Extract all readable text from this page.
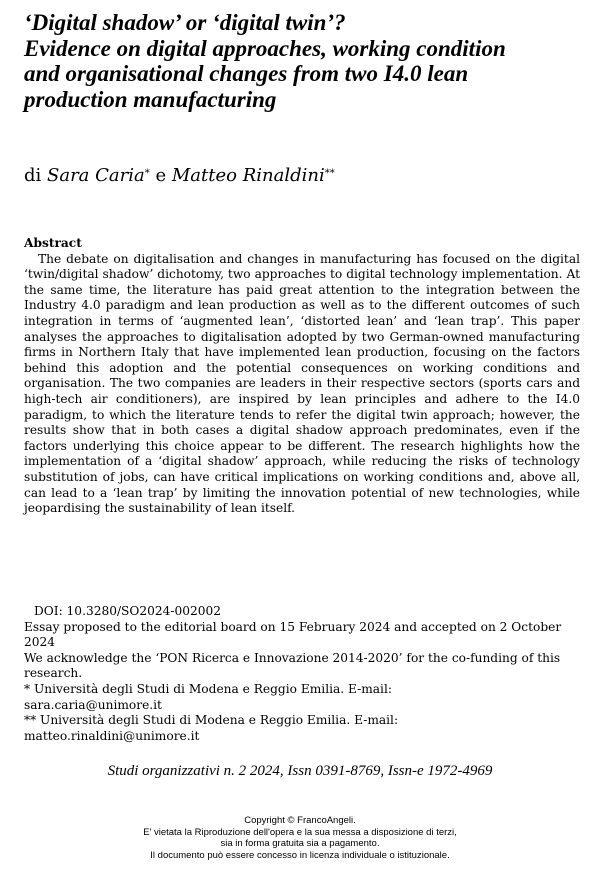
‘Digital shadow’ or ‘digital twin’?
Evidence on digital approaches, working condition
and organisational changes from two I4.0 lean
production manufacturing
di Sara Caria* e Matteo Rinaldini**
Abstract
The debate on digitalisation and changes in manufacturing has focused on the digital ‘twin/digital shadow’ dichotomy, two approaches to digital technology implementation. At the same time, the literature has paid great attention to the integration between the Industry 4.0 paradigm and lean production as well as to the different outcomes of such integration in terms of ‘augmented lean’, ‘distorted lean’ and ‘lean trap’. This paper analyses the approaches to digitalisation adopted by two German-owned manufacturing firms in Northern Italy that have implemented lean production, focusing on the factors behind this adoption and the potential consequences on working conditions and organisation. The two companies are leaders in their respective sectors (sports cars and high-tech air conditioners), are inspired by lean principles and adhere to the I4.0 paradigm, to which the literature tends to refer the digital twin approach; however, the results show that in both cases a digital shadow approach predominates, even if the factors underlying this choice appear to be different. The research highlights how the implementation of a ‘digital shadow’ approach, while reducing the risks of technology substitution of jobs, can have critical implications on working conditions and, above all, can lead to a ‘lean trap’ by limiting the innovation potential of new technologies, while jeopardising the sustainability of lean itself.
DOI: 10.3280/SO2024-002002
Essay proposed to the editorial board on 15 February 2024 and accepted on 2 October 2024
We acknowledge the ‘PON Ricerca e Innovazione 2014-2020’ for the co-funding of this research.
* Università degli Studi di Modena e Reggio Emilia. E-mail:
sara.caria@unimore.it
** Università degli Studi di Modena e Reggio Emilia. E-mail:
matteo.rinaldini@unimore.it
Studi organizzativi n. 2 2024, Issn 0391-8769, Issn-e 1972-4969
Copyright © FrancoAngeli.
E' vietata la Riproduzione dell'opera e la sua messa a disposizione di terzi,
sia in forma gratuita sia a pagamento.
Il documento può essere concesso in licenza individuale o istituzionale.
